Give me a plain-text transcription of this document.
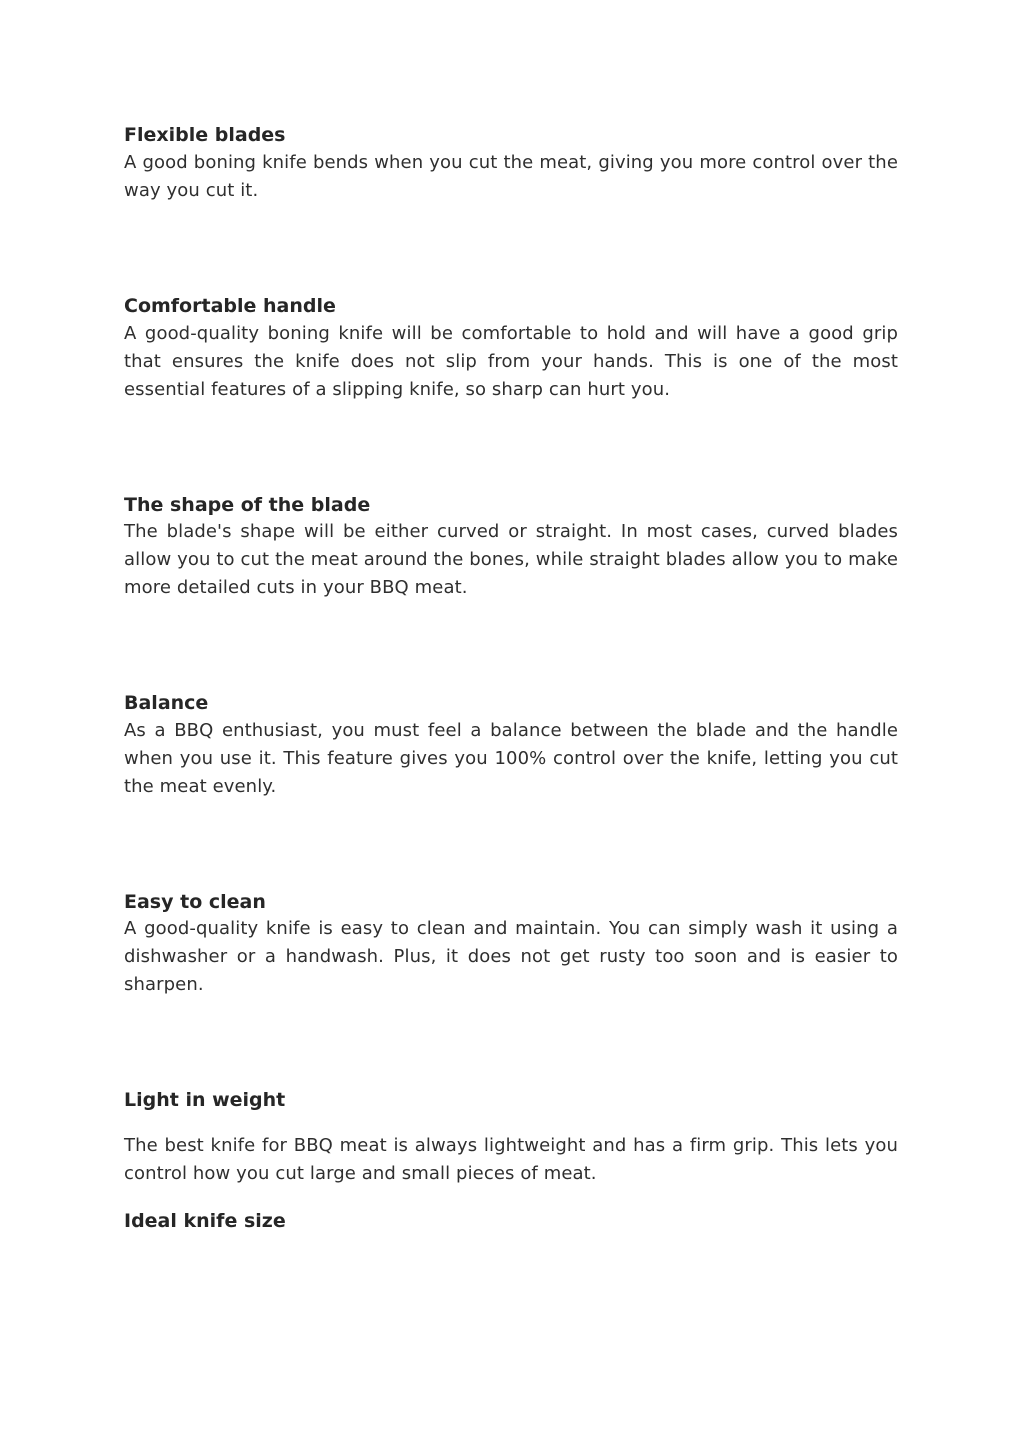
Flexible blades

A good boning knife bends when you cut the meat, giving you more control over the way you cut it.

Comfortable handle

A good-quality boning knife will be comfortable to hold and will have a good grip that ensures the knife does not slip from your hands. This is one of the most essential features of a slipping knife, so sharp can hurt you.

The shape of the blade

The blade's shape will be either curved or straight. In most cases, curved blades allow you to cut the meat around the bones, while straight blades allow you to make more detailed cuts in your BBQ meat.

Balance

As a BBQ enthusiast, you must feel a balance between the blade and the handle when you use it. This feature gives you 100% control over the knife, letting you cut the meat evenly.

Easy to clean

A good-quality knife is easy to clean and maintain. You can simply wash it using a dishwasher or a handwash. Plus, it does not get rusty too soon and is easier to sharpen.

Light in weight

The best knife for BBQ meat is always lightweight and has a firm grip. This lets you control how you cut large and small pieces of meat.

Ideal knife size
